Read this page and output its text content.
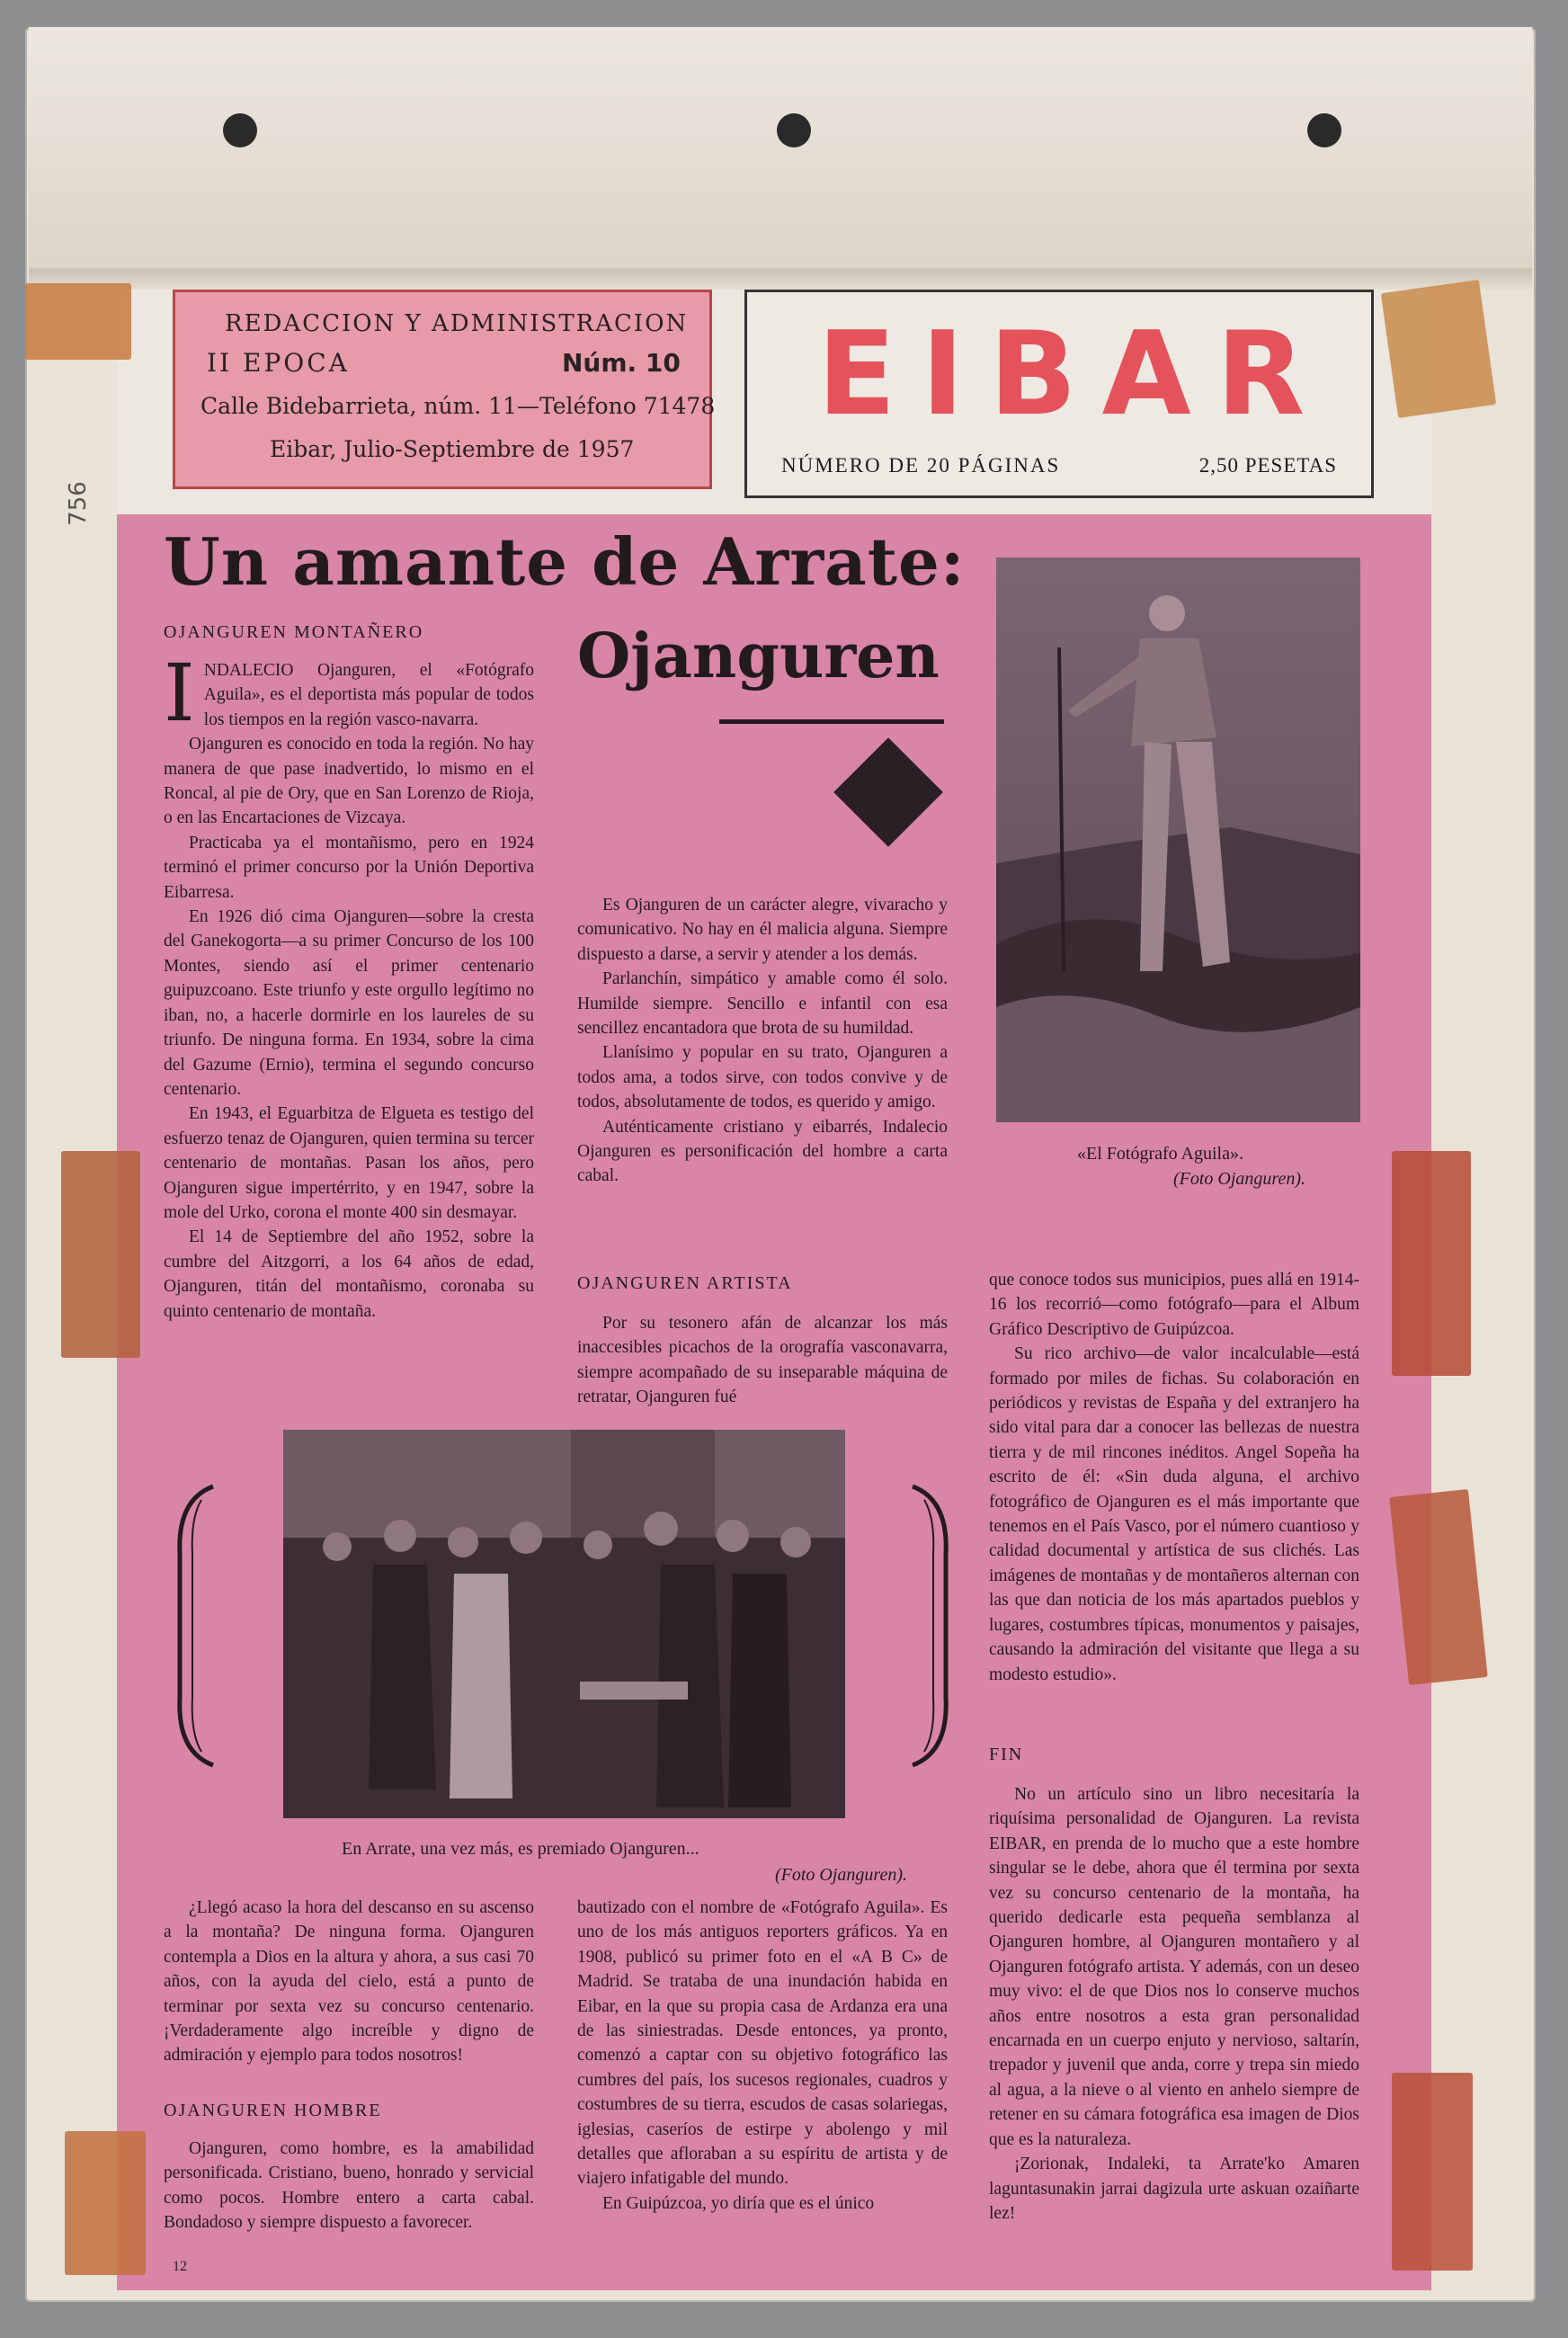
756
REDACCION Y ADMINISTRACION
II EPOCA	Núm. 10
Calle Bidebarrieta, núm. 11—Teléfono 71478
Eibar, Julio-Septiembre de 1957
EIBAR
NÚMERO DE 20 PÁGINAS	2,50 PESETAS
Un amante de Arrate:
Ojanguren
OJANGUREN MONTAÑERO
I NDALECIO Ojanguren, el «Fotógrafo Aguila», es el deportista más popular de todos los tiempos en la región vasco-navarra.

Ojanguren es conocido en toda la región. No hay manera de que pase inadvertido, lo mismo en el Roncal, al pie de Ory, que en San Lorenzo de Rioja, o en las Encartaciones de Vizcaya.

Practicaba ya el montañismo, pero en 1924 terminó el primer concurso por la Unión Deportiva Eibarresa.

En 1926 dió cima Ojanguren—sobre la cresta del Ganekogorta—a su primer Concurso de los 100 Montes, siendo así el primer centenario guipuzcoano. Este triunfo y este orgullo legítimo no iban, no, a hacerle dormirle en los laureles de su triunfo. De ninguna forma. En 1934, sobre la cima del Gazume (Ernio), termina el segundo concurso centenario.

En 1943, el Eguarbitza de Elgueta es testigo del esfuerzo tenaz de Ojanguren, quien termina su tercer centenario de montañas. Pasan los años, pero Ojanguren sigue impertérrito, y en 1947, sobre la mole del Urko, corona el monte 400 sin desmayar.

El 14 de Septiembre del año 1952, sobre la cumbre del Aitzgorri, a los 64 años de edad, Ojanguren, titán del montañismo, coronaba su quinto centenario de montaña.

Es Ojanguren de un carácter alegre, vivaracho y comunicativo. No hay en él malicia alguna. Siempre dispuesto a darse, a servir y atender a los demás.

Parlanchín, simpático y amable como él solo. Humilde siempre. Sencillo e infantil con esa sencillez encantadora que brota de su humildad.

Llanísimo y popular en su trato, Ojanguren a todos ama, a todos sirve, con todos convive y de todos, absolutamente de todos, es querido y amigo.

Auténticamente cristiano y eibarrés, Indalecio Ojanguren es personificación del hombre a carta cabal.

OJANGUREN ARTISTA

Por su tesonero afán de alcanzar los más inaccesibles picachos de la orografía vasconavarra, siempre acompañado de su inseparable máquina de retratar, Ojanguren fué

«El Fotógrafo Aguila».
(Foto Ojanguren).

que conoce todos sus municipios, pues allá en 1914-16 los recorrió—como fotógrafo—para el Album Gráfico Descriptivo de Guipúzcoa.

Su rico archivo—de valor incalculable—está formado por miles de fichas. Su colaboración en periódicos y revistas de España y del extranjero ha sido vital para dar a conocer las bellezas de nuestra tierra y de mil rincones inéditos. Angel Sopeña ha escrito de él: «Sin duda alguna, el archivo fotográfico de Ojanguren es el más importante que tenemos en el País Vasco, por el número cuantioso y calidad documental y artística de sus clichés. Las imágenes de montañas y de montañeros alternan con las que dan noticia de los más apartados pueblos y lugares, costumbres típicas, monumentos y paisajes, causando la admiración del visitante que llega a su modesto estudio».

FIN

No un artículo sino un libro necesitaría la riquísima personalidad de Ojanguren. La revista EIBAR, en prenda de lo mucho que a este hombre singular se le debe, ahora que él termina por sexta vez su concurso centenario de la montaña, ha querido dedicarle esta pequeña semblanza al Ojanguren hombre, al Ojanguren montañero y al Ojanguren fotógrafo artista. Y además, con un deseo muy vivo: el de que Dios nos lo conserve muchos años entre nosotros a esta gran personalidad encarnada en un cuerpo enjuto y nervioso, saltarín, trepador y juvenil que anda, corre y trepa sin miedo al agua, a la nieve o al viento en anhelo siempre de retener en su cámara fotográfica esa imagen de Dios que es la naturaleza.

¡Zorionak, Indaleki, ta Arrate'ko Amaren laguntasunakin jarrai dagizula urte askuan ozaiñarte lez!

En Arrate, una vez más, es premiado Ojanguren...
(Foto Ojanguren).

¿Llegó acaso la hora del descanso en su ascenso a la montaña? De ninguna forma. Ojanguren contempla a Dios en la altura y ahora, a sus casi 70 años, con la ayuda del cielo, está a punto de terminar por sexta vez su concurso centenario. ¡Verdaderamente algo increíble y digno de admiración y ejemplo para todos nosotros!

OJANGUREN HOMBRE

Ojanguren, como hombre, es la amabilidad personificada. Cristiano, bueno, honrado y servicial como pocos. Hombre entero a carta cabal. Bondadoso y siempre dispuesto a favorecer.

bautizado con el nombre de «Fotógrafo Aguila». Es uno de los más antiguos reporters gráficos. Ya en 1908, publicó su primer foto en el «A B C» de Madrid. Se trataba de una inundación habida en Eibar, en la que su propia casa de Ardanza era una de las siniestradas. Desde entonces, ya pronto, comenzó a captar con su objetivo fotográfico las cumbres del país, los sucesos regionales, cuadros y costumbres de su tierra, escudos de casas solariegas, iglesias, caseríos de estirpe y abolengo y mil detalles que afloraban a su espíritu de artista y de viajero infatigable del mundo.

En Guipúzcoa, yo diría que es el único

12
